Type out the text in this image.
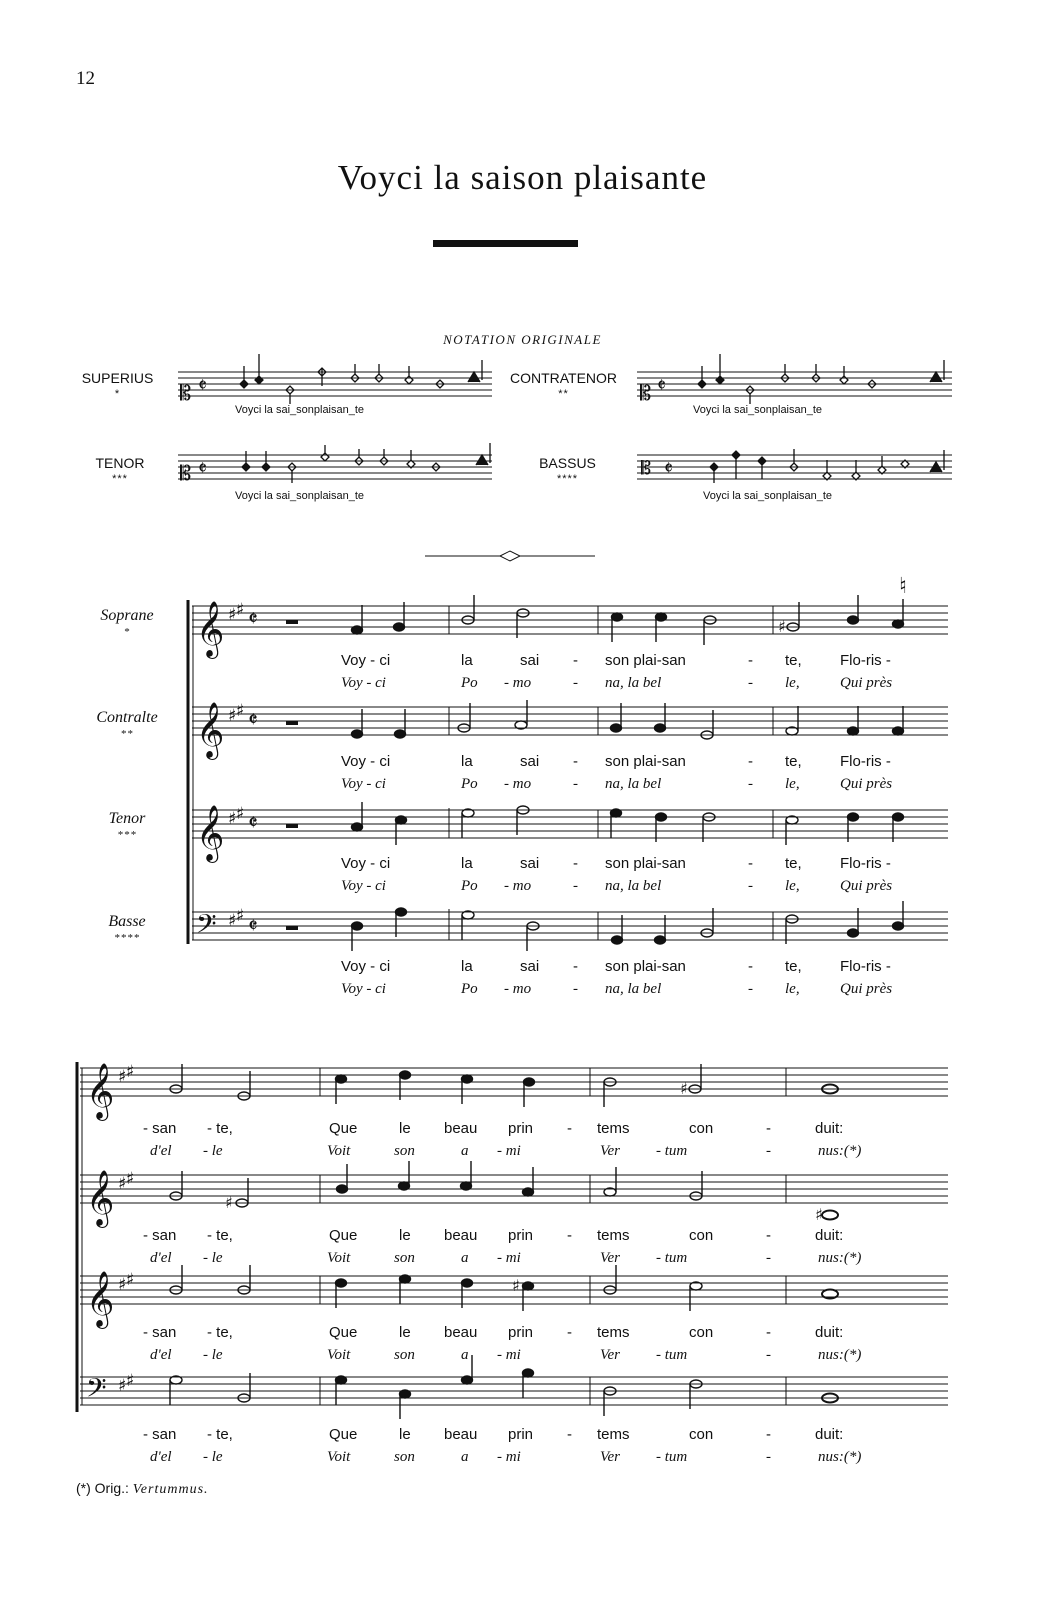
12
Voyci la saison plaisante
NOTATION ORIGINALE
SUPERIUS
*
CONTRATENOR
**
TENOR
***
BASSUS
****
Voyci la sai_sonplaisan_te	Voyci la sai_sonplaisan_te
Voyci la sai_sonplaisan_te	Voyci la sai_sonplaisan_te
𝄡 𝄵	𝄡 𝄵
𝄡 𝄵	𝄡 𝄵
♮
Soprane
*
Contralte
**
Tenor
***
Basse
****
𝄞 ♯ ♯ 𝄵
𝄞 ♯ ♯ 𝄵
𝄞 ♯ ♯ 𝄵
𝄢 ♯ ♯ 𝄵
♯
Voy - ci	la	sai - son plai-san	- te,	Flo-ris -
Voy - ci	Po - mo	- na, la bel	- le,	Qui près
Voy - ci	la	sai - son plai-san	- te,	Flo-ris -
Voy - ci	Po - mo	- na, la bel	- le,	Qui près
Voy - ci	la	sai - son plai-san	- te,	Flo-ris -
Voy - ci	Po - mo	- na, la bel	- le,	Qui près
Voy - ci	la	sai - son plai-san	- te,	Flo-ris -
Voy - ci	Po - mo	- na, la bel	- le,	Qui près
𝄞 ♯ ♯
𝄞 ♯ ♯
𝄞 ♯ ♯
𝄢 ♯ ♯
♯
♯
♯
♯
- san - te,	Que	le beau prin - tems	con	-	duit:
d'el - le	Voit	son	a - mi	Ver - tum	-	nus:(*)
- san - te,	Que	le beau prin - tems	con	-	duit:
d'el - le	Voit	son	a - mi	Ver - tum	-	nus:(*)
- san - te,	Que	le beau prin - tems	con	-	duit:
d'el - le	Voit	son	a - mi	Ver - tum	-	nus:(*)
- san - te,	Que	le beau prin - tems	con	-	duit:
d'el - le	Voit	son	a - mi	Ver - tum	-	nus:(*)
(*) Orig.: Vertummus.
